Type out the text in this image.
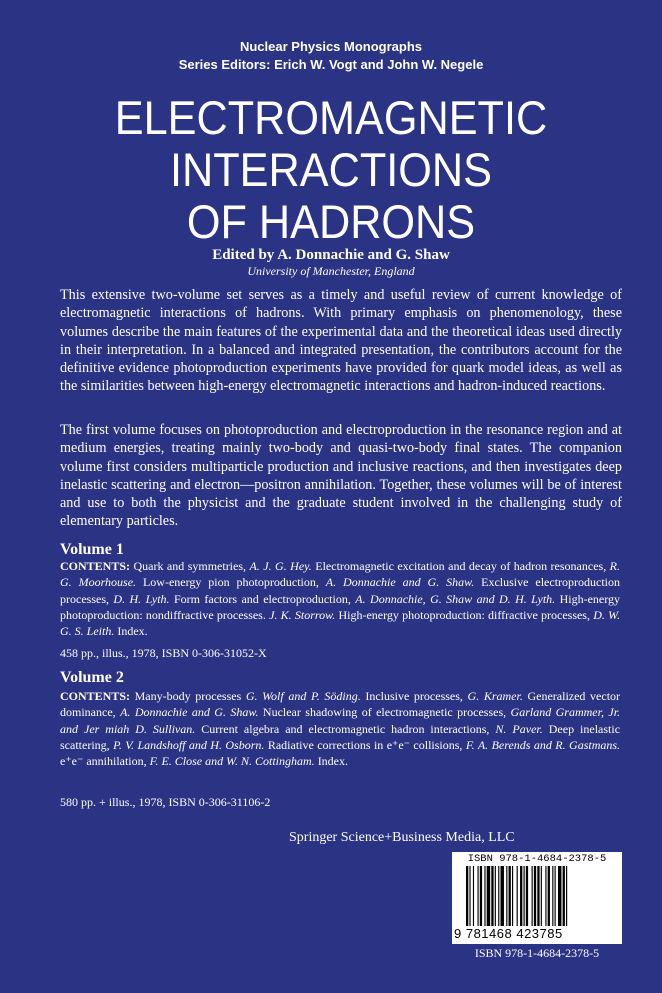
Nuclear Physics Monographs
Series Editors: Erich W. Vogt and John W. Negele
ELECTROMAGNETIC
INTERACTIONS
OF HADRONS
Edited by A. Donnachie and G. Shaw
University of Manchester, England

This extensive two-volume set serves as a timely and useful review of current knowledge of electromagnetic interactions of hadrons. With primary emphasis on phenomenology, these volumes describe the main features of the experimental data and the theoretical ideas used directly in their interpretation. In a balanced and integrated presentation, the contributors account for the definitive evidence photoproduction experiments have provided for quark model ideas, as well as the similarities between high-energy electromagnetic interactions and hadron-induced reactions.

The first volume focuses on photoproduction and electroproduction in the resonance region and at medium energies, treating mainly two-body and quasi-two-body final states. The companion volume first considers multiparticle production and inclusive reactions, and then investigates deep inelastic scattering and electron—positron annihilation. Together, these volumes will be of interest and use to both the physicist and the graduate student involved in the challenging study of elementary particles.

Volume 1

CONTENTS: Quark and symmetries, A. J. G. Hey. Electromagnetic excitation and decay of hadron resonances, R. G. Moorhouse. Low-energy pion photoproduction, A. Donnachie and G. Shaw. Exclusive electroproduction processes, D. H. Lyth. Form factors and electroproduction, A. Donnachie, G. Shaw and D. H. Lyth. High-energy photoproduction: nondiffractive processes. J. K. Storrow. High-energy photoproduction: diffractive processes, D. W. G. S. Leith. Index.

458 pp., illus., 1978, ISBN 0-306-31052-X
Volume 2

CONTENTS: Many-body processes G. Wolf and P. Söding. Inclusive processes, G. Kramer. Generalized vector dominance, A. Donnachie and G. Shaw. Nuclear shadowing of electromagnetic processes, Garland Grammer, Jr. and Jer miah D. Sullivan. Current algebra and electromagnetic hadron interactions, N. Paver. Deep inelastic scattering, P. V. Landshoff and H. Osborn. Radiative corrections in e⁺e⁻ collisions, F. A. Berends and R. Gastmans. e⁺e⁻ annihilation, F. E. Close and W. N. Cottingham. Index.

580 pp. + illus., 1978, ISBN 0-306-31106-2
Springer Science+Business Media, LLC
ISBN 978-1-4684-2378-5
9 781468 423785
ISBN 978-1-4684-2378-5
